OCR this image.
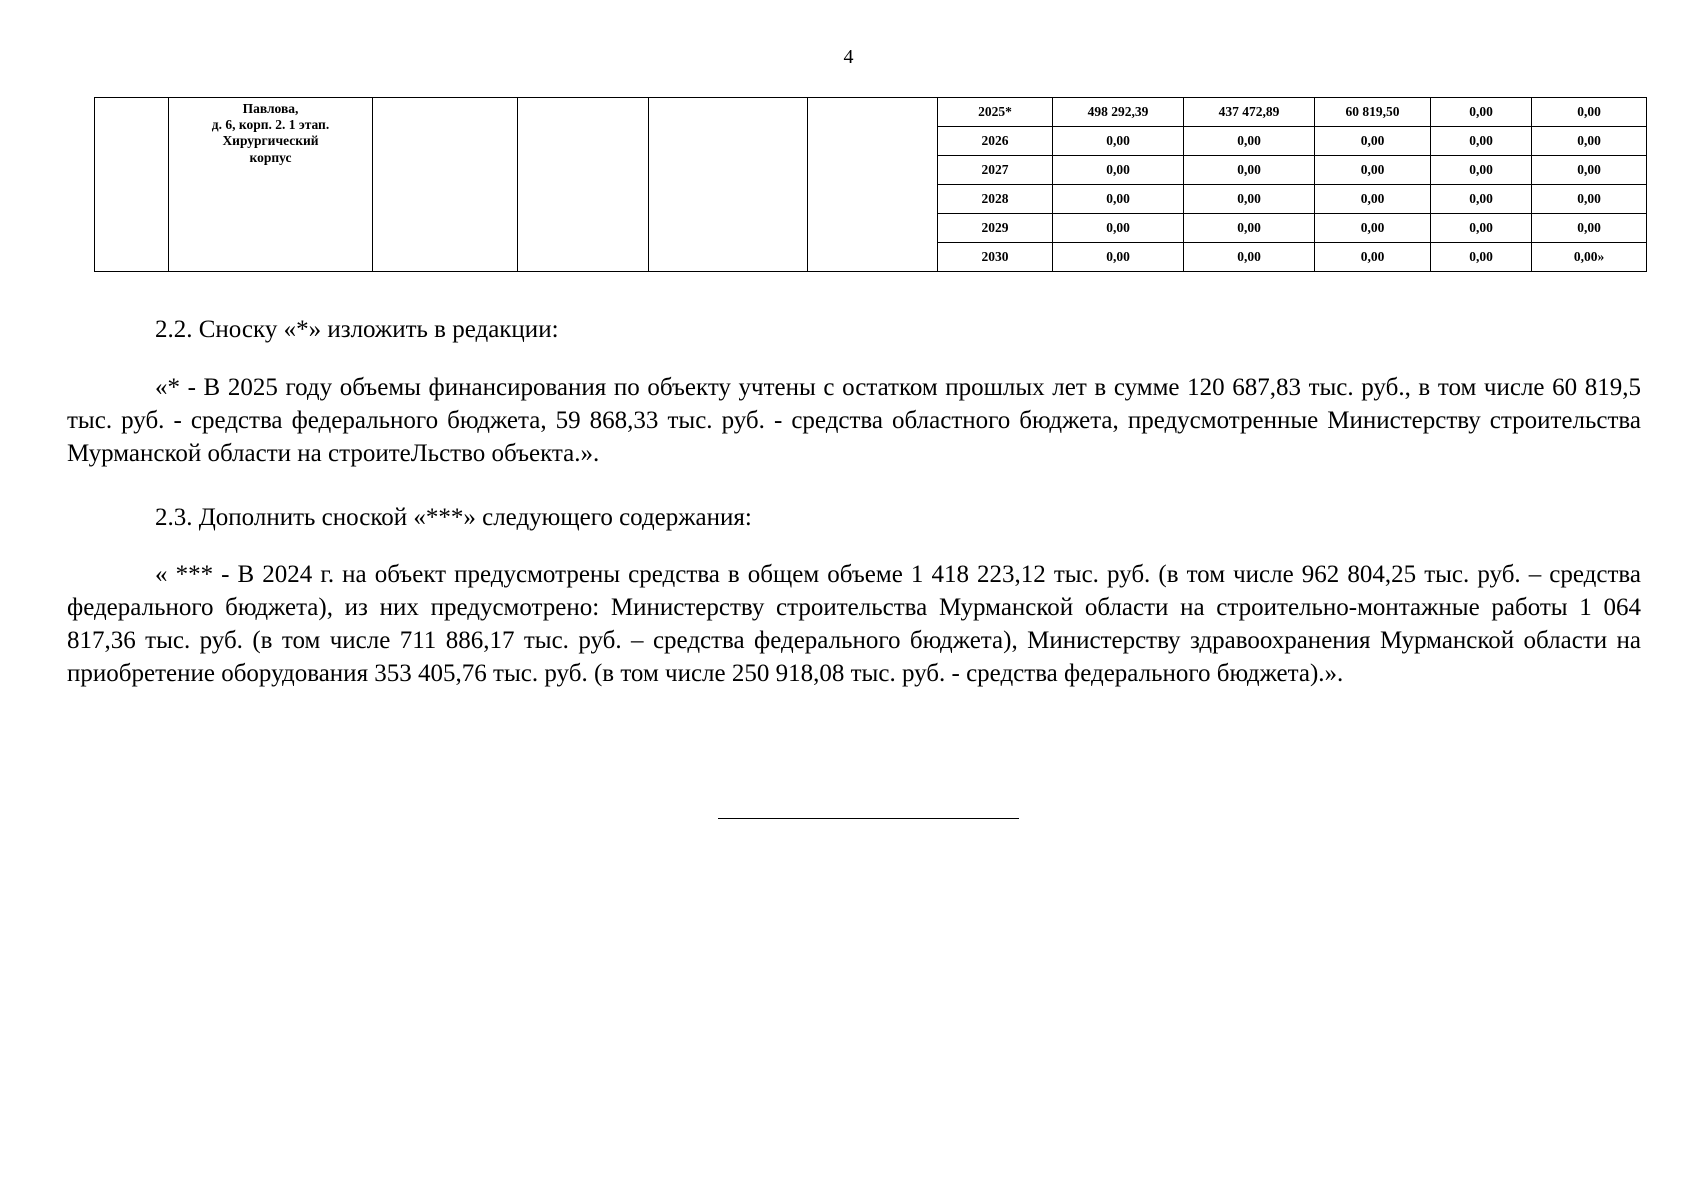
4

	Павлова,
д. 6, корп. 2. 1 этап.
Хирургический
корпус					2025*	498 292,39	437 472,89	60 819,50	0,00	0,00
						2026	0,00	0,00	0,00	0,00	0,00
						2027	0,00	0,00	0,00	0,00	0,00
						2028	0,00	0,00	0,00	0,00	0,00
						2029	0,00	0,00	0,00	0,00	0,00
						2030	0,00	0,00	0,00	0,00	0,00»
2.2. Сноску «*» изложить в редакции:
«* - В 2025 году объемы финансирования по объекту учтены с остатком прошлых лет в сумме 120 687,83 тыс. руб., в том числе 60 819,5 тыс. руб. - средства федерального бюджета, 59 868,33 тыс. руб. - средства областного бюджета, предусмотренные Министерству строительства Мурманской области на строитеЛьство объекта.».
2.3. Дополнить сноской «***» следующего содержания:
« *** - В 2024 г. на объект предусмотрены средства в общем объеме 1 418 223,12 тыс. руб. (в том числе 962 804,25 тыс. руб. – средства федерального бюджета), из них предусмотрено: Министерству строительства Мурманской области на строительно-монтажные работы 1 064 817,36 тыс. руб. (в том числе 711 886,17 тыс. руб. – средства федерального бюджета), Министерству здравоохранения Мурманской области на приобретение оборудования 353 405,76 тыс. руб. (в том числе 250 918,08 тыс. руб. - средства федерального бюджета).».
